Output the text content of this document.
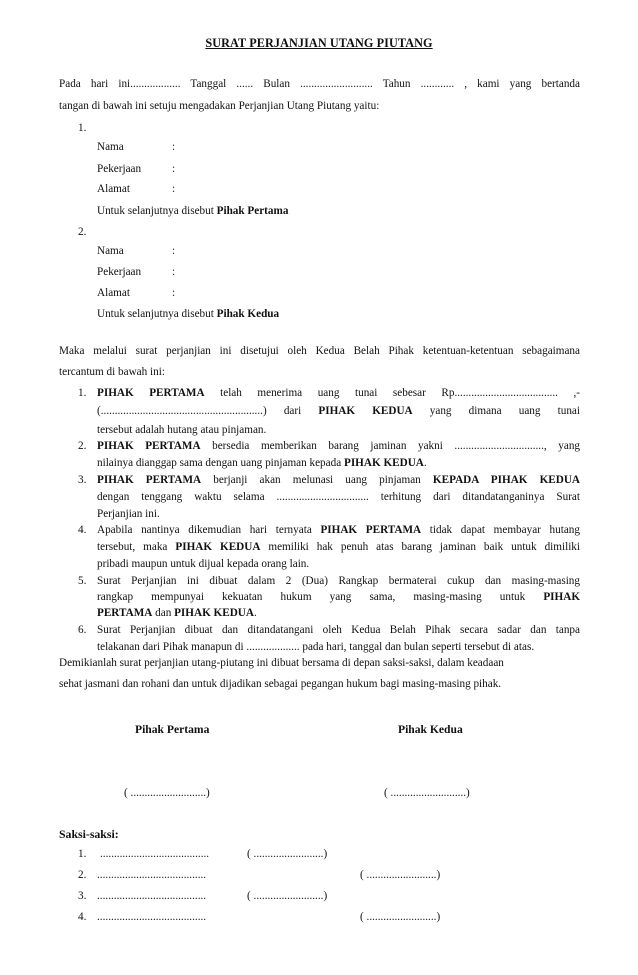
SURAT PERJANJIAN UTANG PIUTANG
Pada hari ini.................. Tanggal ...... Bulan .......................... Tahun ............ , kami yang bertanda
tangan di bawah ini setuju mengadakan Perjanjian Utang Piutang yaitu:
1.
Nama	:
Pekerjaan	:
Alamat	:
Untuk selanjutnya disebut Pihak Pertama
2.
Nama	:
Pekerjaan	:
Alamat	:
Untuk selanjutnya disebut Pihak Kedua
Maka melalui surat perjanjian ini disetujui oleh Kedua Belah Pihak ketentuan-ketentuan sebagaimana
tercantum di bawah ini:
1. PIHAK PERTAMA telah menerima uang tunai sebesar Rp..................................... ,-
(..........................................................) dari PIHAK KEDUA yang dimana uang tunai
tersebut adalah hutang atau pinjaman.
2. PIHAK PERTAMA bersedia memberikan barang jaminan yakni ................................, yang
nilainya dianggap sama dengan uang pinjaman kepada PIHAK KEDUA.
3. PIHAK PERTAMA berjanji akan melunasi uang pinjaman KEPADA PIHAK KEDUA
dengan tenggang waktu selama ................................. terhitung dari ditandatanganinya Surat
Perjanjian ini.
4. Apabila nantinya dikemudian hari ternyata PIHAK PERTAMA tidak dapat membayar hutang
tersebut, maka PIHAK KEDUA memiliki hak penuh atas barang jaminan baik untuk dimiliki
pribadi maupun untuk dijual kepada orang lain.
5. Surat Perjanjian ini dibuat dalam 2 (Dua) Rangkap bermaterai cukup dan masing-masing
rangkap mempunyai kekuatan hukum yang sama, masing-masing untuk PIHAK
PERTAMA dan PIHAK KEDUA.
6. Surat Perjanjian dibuat dan ditandatangani oleh Kedua Belah Pihak secara sadar dan tanpa
telakanan dari Pihak manapun di ................... pada hari, tanggal dan bulan seperti tersebut di atas.
Demikianlah surat perjanjian utang-piutang ini dibuat bersama di depan saksi-saksi, dalam keadaan
sehat jasmani dan rohani dan untuk dijadikan sebagai pegangan hukum bagi masing-masing pihak.
Pihak Pertama	Pihak Kedua
( ...........................)	( ...........................)
Saksi-saksi:
1. .......................................	( .........................)
2. .......................................	( .........................)
3. .......................................	( .........................)
4. .......................................	( .........................)
